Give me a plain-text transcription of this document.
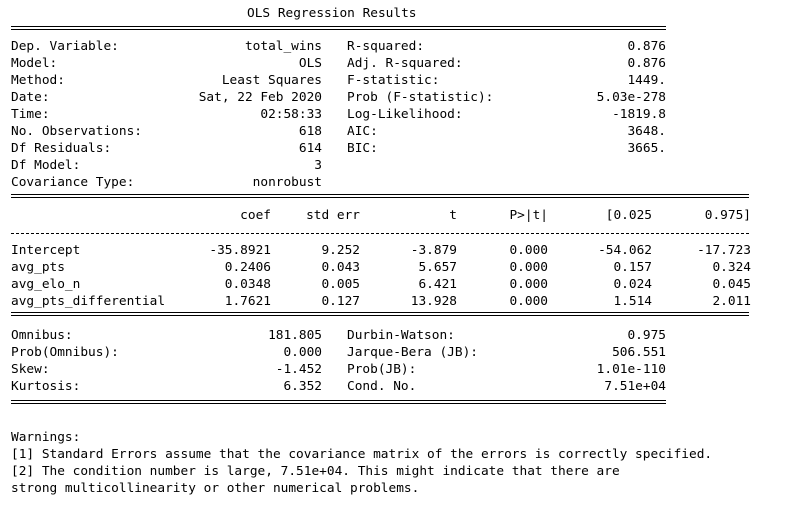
OLS Regression Results
Dep. Variable:	total_wins R-squared:	0.876
Model:	OLS Adj. R-squared:	0.876
Method:	Least Squares F-statistic:	1449.
Date:	Sat, 22 Feb 2020 Prob (F-statistic):	5.03e-278
Time:	02:58:33 Log-Likelihood:	-1819.8
No. Observations:	618 AIC:	3648.
Df Residuals:	614 BIC:	3665.
Df Model:	3
Covariance Type:	nonrobust
coef	std err	t	P>|t|	[0.025	0.975]
Intercept	-35.8921	9.252	-3.879	0.000	-54.062	-17.723
avg_pts	0.2406	0.043	5.657	0.000	0.157	0.324
avg_elo_n	0.0348	0.005	6.421	0.000	0.024	0.045
avg_pts_differential	1.7621	0.127	13.928	0.000	1.514	2.011
Omnibus:	181.805 Durbin-Watson:	0.975
Prob(Omnibus):	0.000 Jarque-Bera (JB):	506.551
Skew:	-1.452 Prob(JB):	1.01e-110
Kurtosis:	6.352 Cond. No.	7.51e+04
Warnings:
[1] Standard Errors assume that the covariance matrix of the errors is correctly specified.
[2] The condition number is large, 7.51e+04. This might indicate that there are
strong multicollinearity or other numerical problems.
